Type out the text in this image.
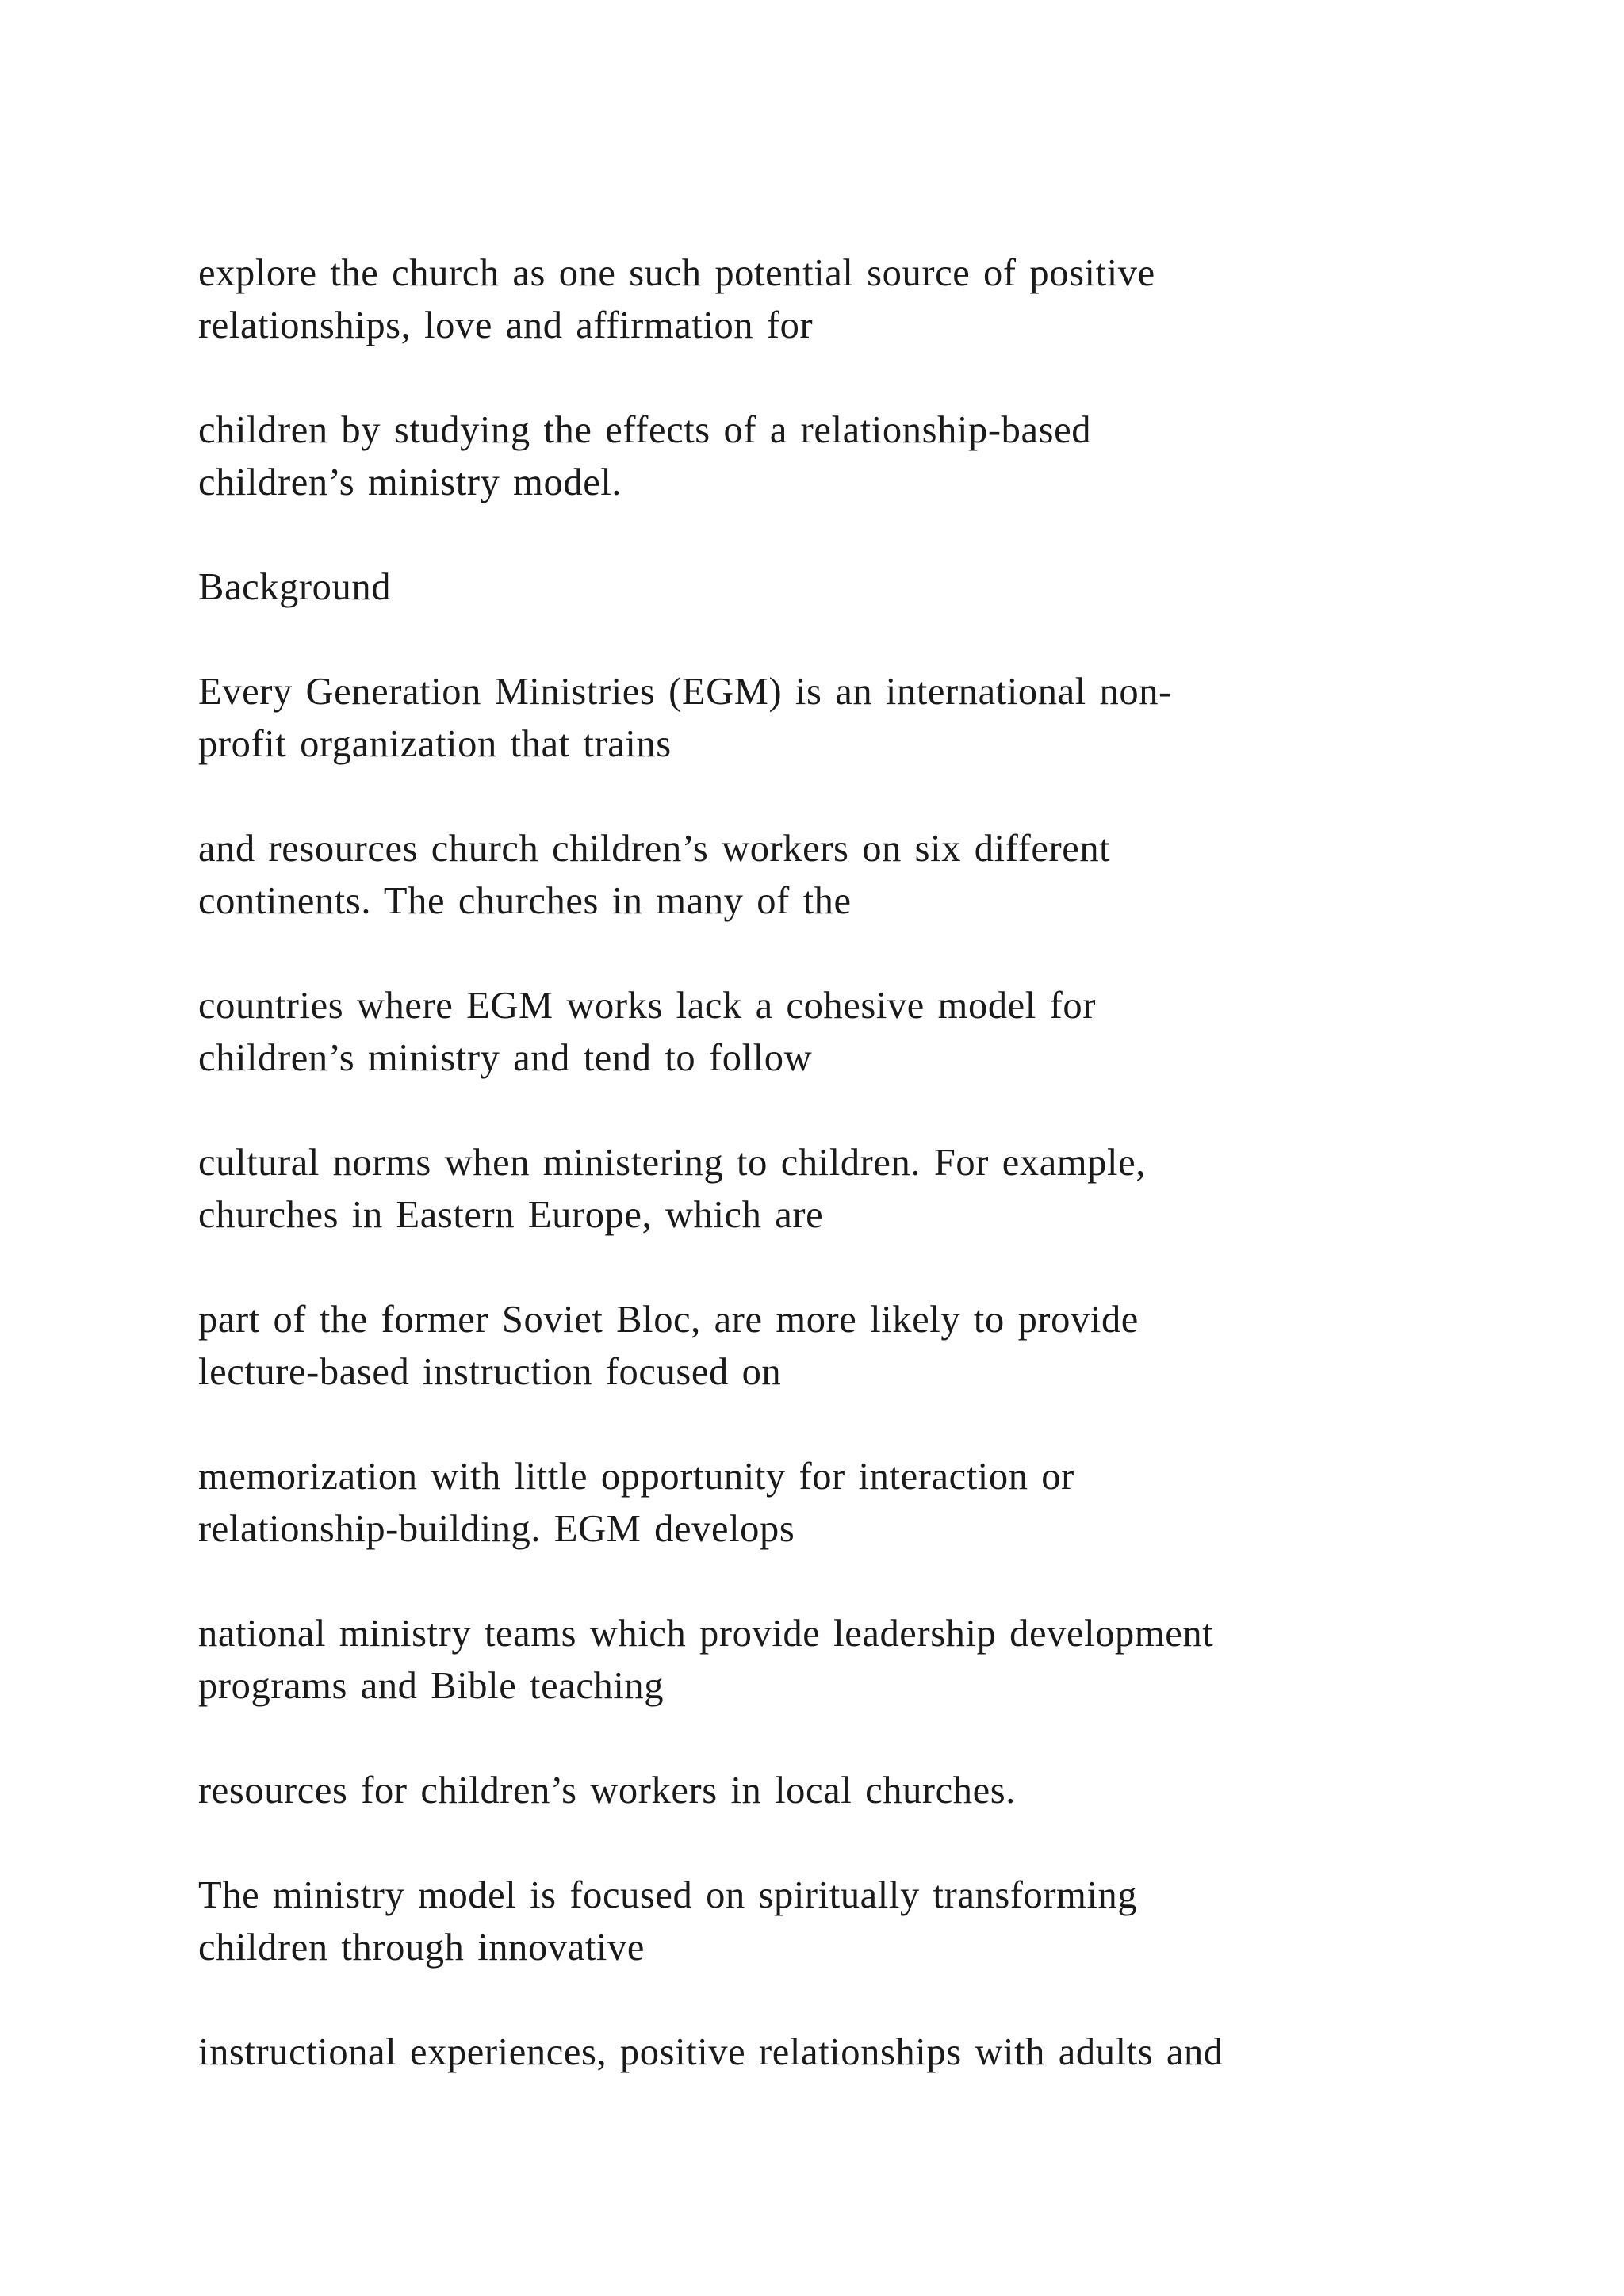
explore the church as one such potential source of positive
relationships, love and affirmation for

children by studying the effects of a relationship-based
children’s ministry model.

Background

Every Generation Ministries (EGM) is an international non-
profit organization that trains

and resources church children’s workers on six different
continents. The churches in many of the

countries where EGM works lack a cohesive model for
children’s ministry and tend to follow

cultural norms when ministering to children. For example,
churches in Eastern Europe, which are

part of the former Soviet Bloc, are more likely to provide
lecture-based instruction focused on

memorization with little opportunity for interaction or
relationship-building. EGM develops

national ministry teams which provide leadership development
programs and Bible teaching

resources for children’s workers in local churches.

The ministry model is focused on spiritually transforming
children through innovative

instructional experiences, positive relationships with adults and
